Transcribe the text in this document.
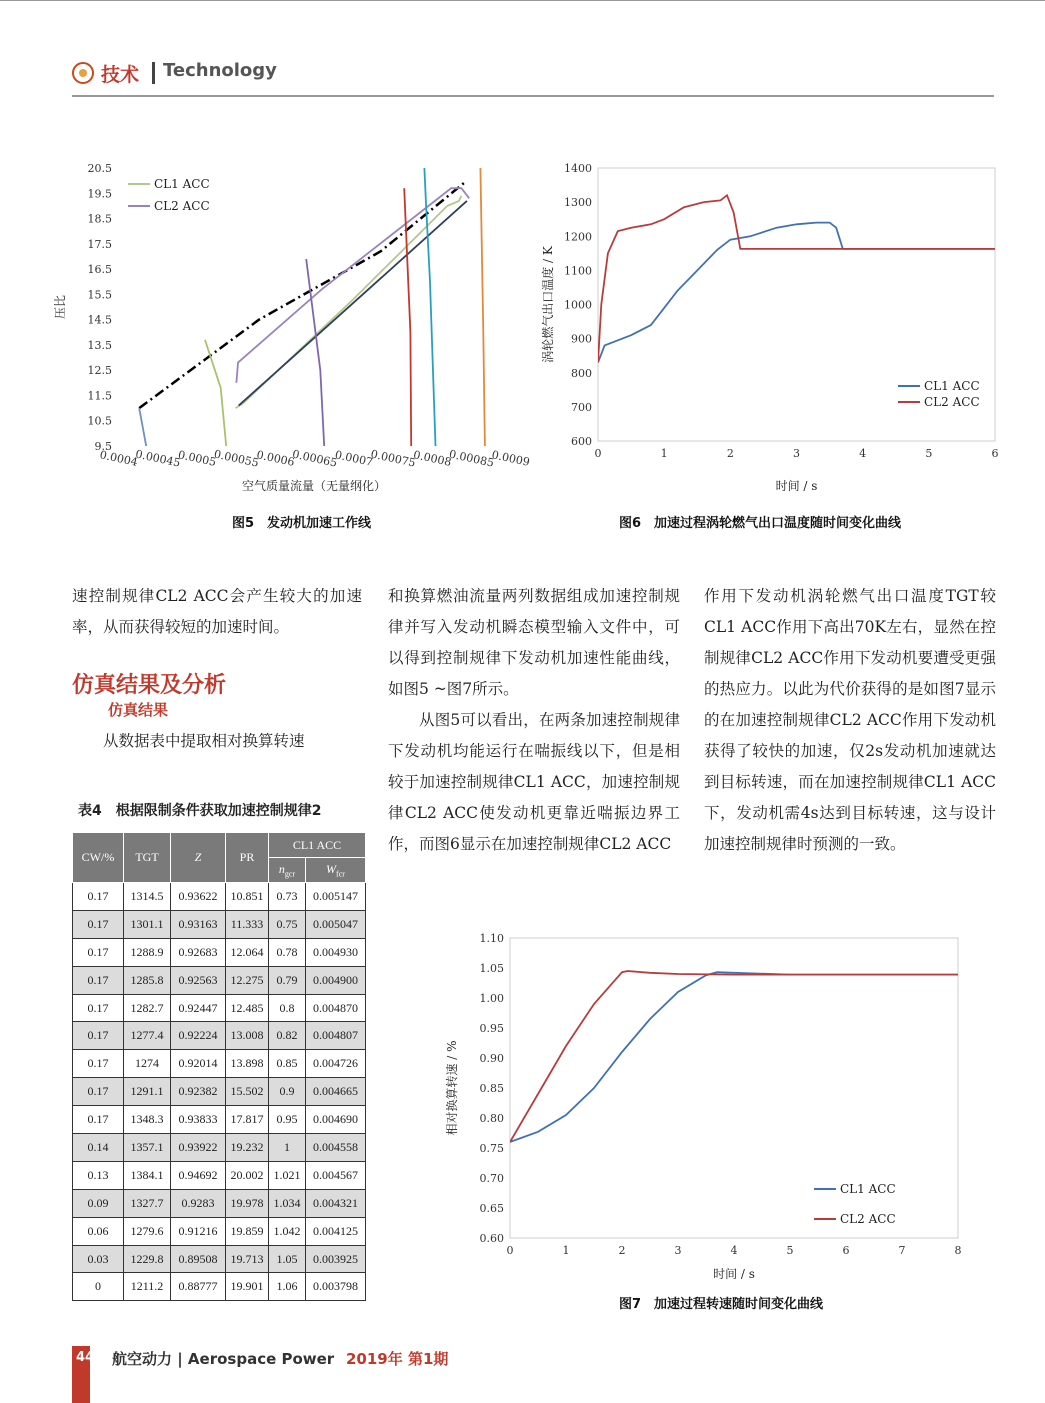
技术 Technology
9.5
10.5
11.5
12.5
13.5
14.5
15.5
16.5
17.5
18.5
19.5
20.5
0.0004
0.00045
0.0005
0.00055
0.0006
0.00065
0.0007
0.00075
0.0008
0.00085
0.0009
空气质量流量（无量纲化）
压比
CL1 ACC
CL2 ACC
600
700
800
900
1000
1100
1200
1300
1400
0	1	2	3	4	5	6
时间 / s
涡轮燃气出口温度 / K
CL1 ACC
CL2 ACC
0.60
0.65
0.70
0.75
0.80
0.85
0.90
0.95
1.00
1.05
1.10
0	1	2	3	4	5	6	7	8
时间 / s
相对换算转速 / %
CL1 ACC
CL2 ACC
图5　发动机加速工作线	图6　加速过程涡轮燃气出口温度随时间变化曲线
图7　加速过程转速随时间变化曲线

速控制规律CL2 ACC会产生较大的加速率，从而获得较短的加速时间。

仿真结果及分析
仿真结果

从数据表中提取相对换算转速

和换算燃油流量两列数据组成加速控制规律并写入发动机瞬态模型输入文件中，可以得到控制规律下发动机加速性能曲线，如图5 ~图7所示。

从图5可以看出，在两条加速控制规律下发动机均能运行在喘振线以下，但是相较于加速控制规律CL1 ACC，加速控制规律CL2 ACC使发动机更靠近喘振边界工作，而图6显示在加速控制规律CL2 ACC

作用下发动机涡轮燃气出口温度TGT较CL1 ACC作用下高出70K左右，显然在控制规律CL2 ACC作用下发动机要遭受更强的热应力。以此为代价获得的是如图7显示的在加速控制规律CL2 ACC作用下发动机获得了较快的加速，仅2s发动机加速就达到目标转速，而在加速控制规律CL1 ACC下，发动机需4s达到目标转速，这与设计加速控制规律时预测的一致。

表4　根据限制条件获取加速控制规律2
CW/%	TGT	Z	PR	CL1 ACC	
				$n_{gcr}$	$W_{fcr}$
0.17	1314.5	0.93622	10.851	0.73	0.005147
0.17	1301.1	0.93163	11.333	0.75	0.005047
0.17	1288.9	0.92683	12.064	0.78	0.004930
0.17	1285.8	0.92563	12.275	0.79	0.004900
0.17	1282.7	0.92447	12.485	0.8	0.004870
0.17	1277.4	0.92224	13.008	0.82	0.004807
0.17	1274	0.92014	13.898	0.85	0.004726
0.17	1291.1	0.92382	15.502	0.9	0.004665
0.17	1348.3	0.93833	17.817	0.95	0.004690
0.14	1357.1	0.93922	19.232	1	0.004558
0.13	1384.1	0.94692	20.002	1.021	0.004567
0.09	1327.7	0.9283	19.978	1.034	0.004321
0.06	1279.6	0.91216	19.859	1.042	0.004125
0.03	1229.8	0.89508	19.713	1.05	0.003925
0	1211.2	0.88777	19.901	1.06	0.003798
44 航空动力 | Aerospace Power 2019年 第1期
